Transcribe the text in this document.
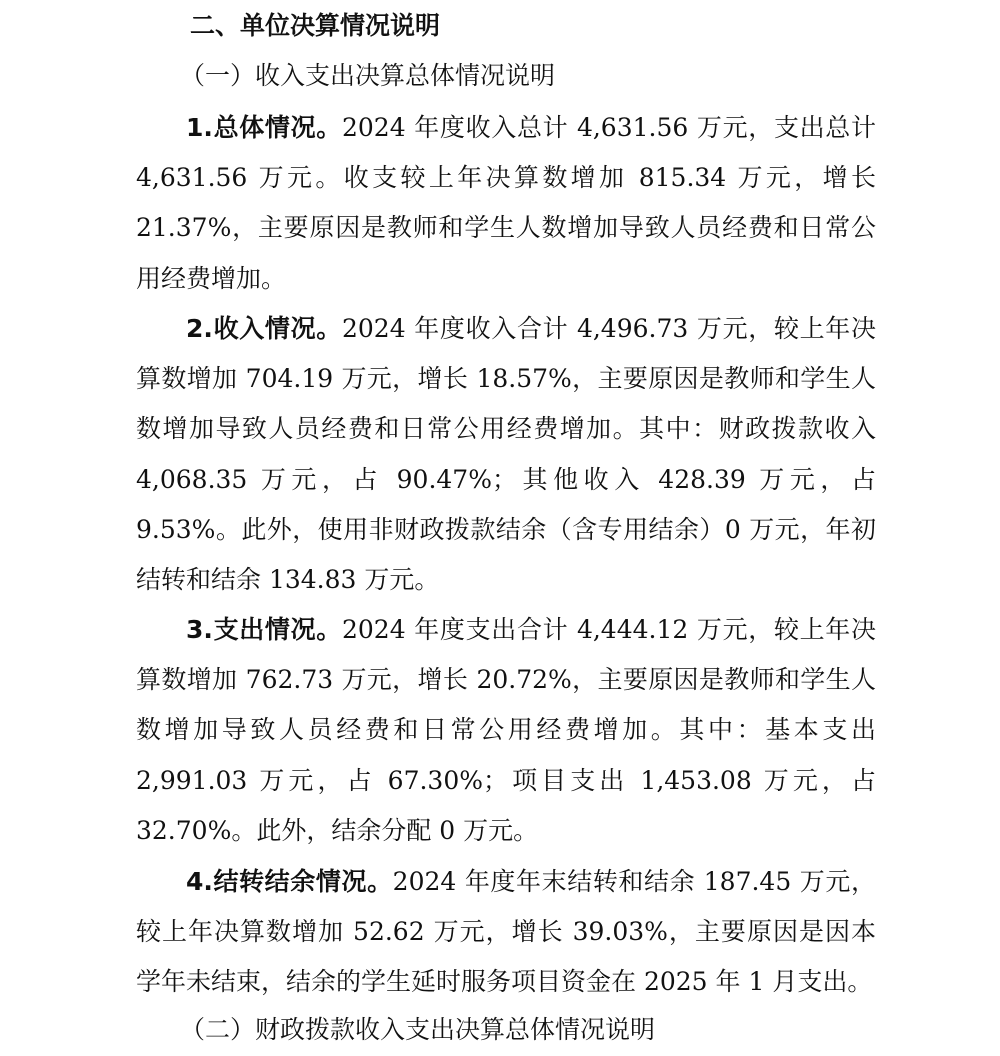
二、单位决算情况说明
（一）收入支出决算总体情况说明
1.总体情况。2024 年度收入总计 4,631.56 万元，支出总计 4,631.56 万元。收支较上年决算数增加 815.34 万元，增长 21.37%，主要原因是教师和学生人数增加导致人员经费和日常公用经费增加。
2.收入情况。2024 年度收入合计 4,496.73 万元，较上年决算数增加 704.19 万元，增长 18.57%，主要原因是教师和学生人数增加导致人员经费和日常公用经费增加。其中：财政拨款收入 4,068.35 万元，占 90.47%；其他收入 428.39 万元，占 9.53%。此外，使用非财政拨款结余（含专用结余）0 万元，年初结转和结余 134.83 万元。
3.支出情况。2024 年度支出合计 4,444.12 万元，较上年决算数增加 762.73 万元，增长 20.72%，主要原因是教师和学生人数增加导致人员经费和日常公用经费增加。其中：基本支出 2,991.03 万元，占 67.30%；项目支出 1,453.08 万元，占 32.70%。此外，结余分配 0 万元。
4.结转结余情况。2024 年度年末结转和结余 187.45 万元，较上年决算数增加 52.62 万元，增长 39.03%，主要原因是因本学年未结束，结余的学生延时服务项目资金在 2025 年 1 月支出。
（二）财政拨款收入支出决算总体情况说明
